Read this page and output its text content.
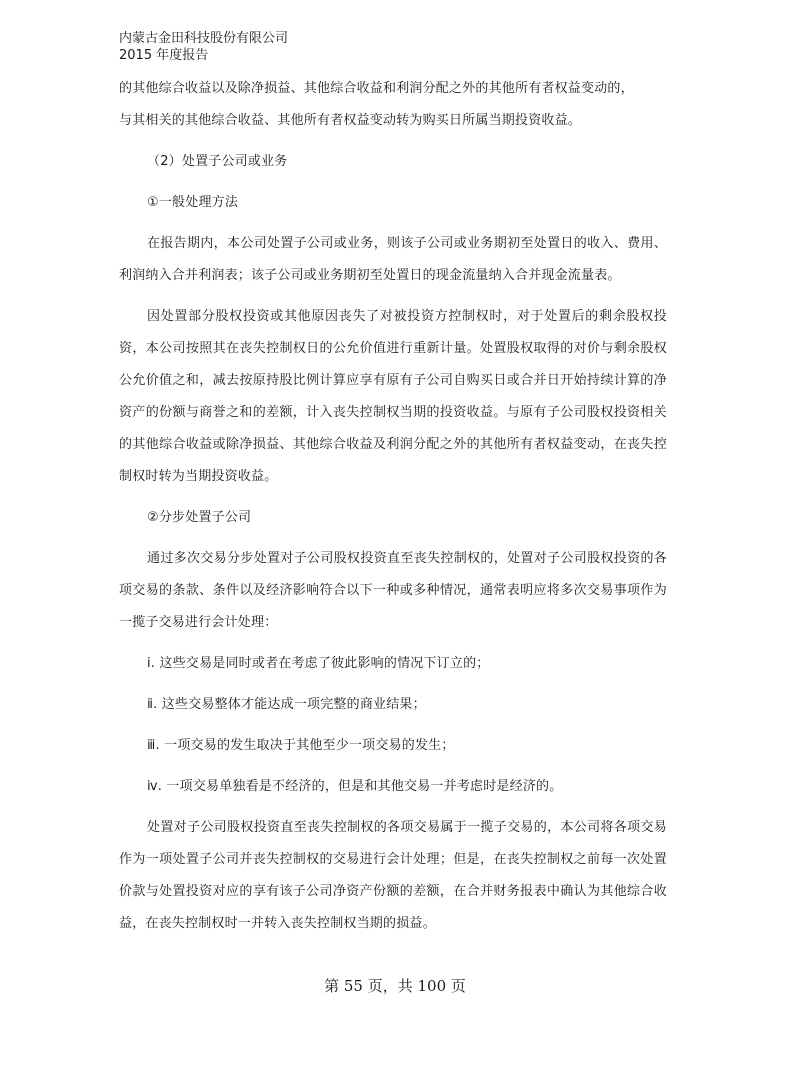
内蒙古金田科技股份有限公司
2015 年度报告

的其他综合收益以及除净损益、其他综合收益和利润分配之外的其他所有者权益变动的，

与其相关的其他综合收益、其他所有者权益变动转为购买日所属当期投资收益。

（2）处置子公司或业务

①一般处理方法

在报告期内，本公司处置子公司或业务，则该子公司或业务期初至处置日的收入、费用、利润纳入合并利润表；该子公司或业务期初至处置日的现金流量纳入合并现金流量表。

因处置部分股权投资或其他原因丧失了对被投资方控制权时，对于处置后的剩余股权投资，本公司按照其在丧失控制权日的公允价值进行重新计量。处置股权取得的对价与剩余股权公允价值之和，减去按原持股比例计算应享有原有子公司自购买日或合并日开始持续计算的净资产的份额与商誉之和的差额，计入丧失控制权当期的投资收益。与原有子公司股权投资相关的其他综合收益或除净损益、其他综合收益及利润分配之外的其他所有者权益变动，在丧失控制权时转为当期投资收益。

②分步处置子公司

通过多次交易分步处置对子公司股权投资直至丧失控制权的，处置对子公司股权投资的各项交易的条款、条件以及经济影响符合以下一种或多种情况，通常表明应将多次交易事项作为一揽子交易进行会计处理：

ⅰ. 这些交易是同时或者在考虑了彼此影响的情况下订立的；

ⅱ. 这些交易整体才能达成一项完整的商业结果；

ⅲ. 一项交易的发生取决于其他至少一项交易的发生；

ⅳ. 一项交易单独看是不经济的，但是和其他交易一并考虑时是经济的。

处置对子公司股权投资直至丧失控制权的各项交易属于一揽子交易的，本公司将各项交易作为一项处置子公司并丧失控制权的交易进行会计处理；但是，在丧失控制权之前每一次处置价款与处置投资对应的享有该子公司净资产份额的差额，在合并财务报表中确认为其他综合收益，在丧失控制权时一并转入丧失控制权当期的损益。

第 55 页，共 100 页
